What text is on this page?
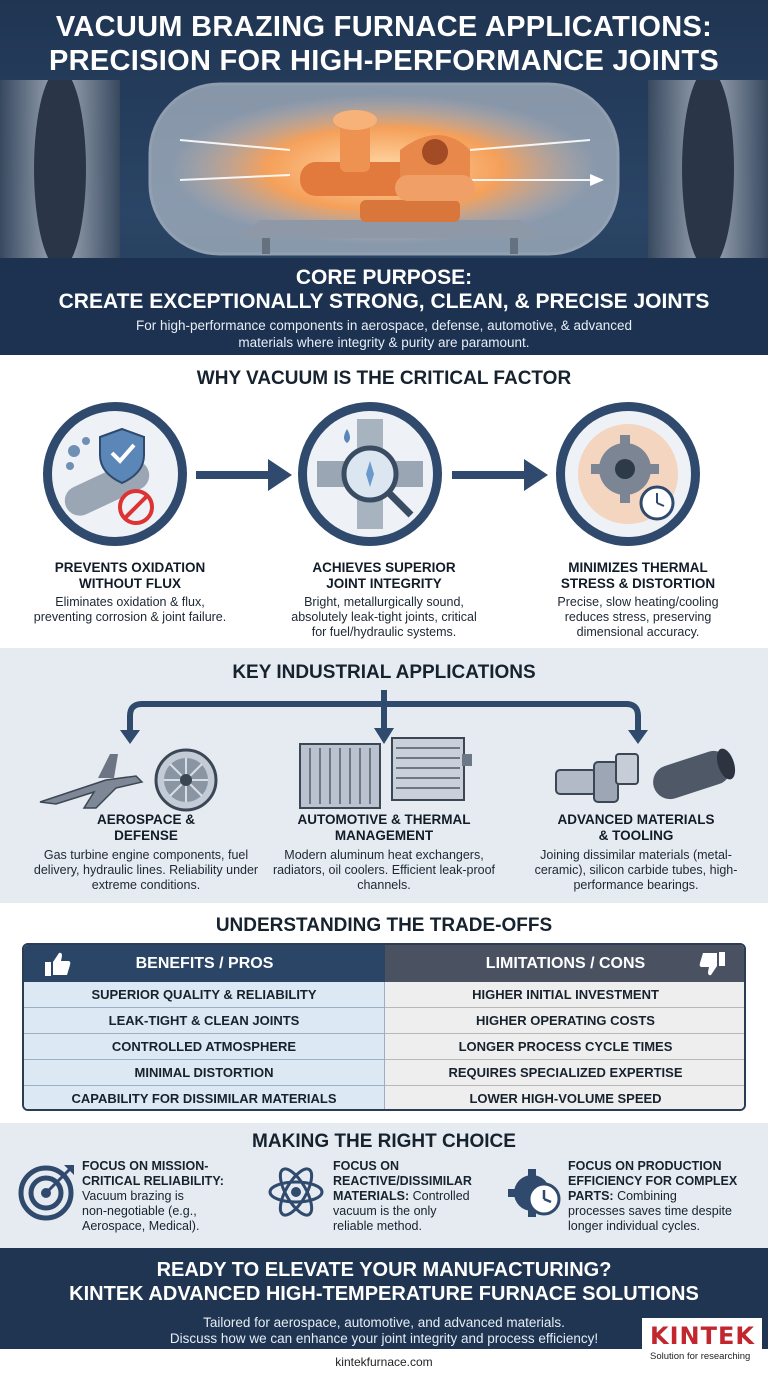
VACUUM BRAZING FURNACE APPLICATIONS:
PRECISION FOR HIGH-PERFORMANCE JOINTS
CORE PURPOSE:
CREATE EXCEPTIONALLY STRONG, CLEAN, & PRECISE JOINTS
For high-performance components in aerospace, defense, automotive, & advanced materials where integrity & purity are paramount.
WHY VACUUM IS THE CRITICAL FACTOR
PREVENTS OXIDATION
WITHOUT FLUX
Eliminates oxidation & flux, preventing corrosion & joint failure.
ACHIEVES SUPERIOR
JOINT INTEGRITY
Bright, metallurgically sound, absolutely leak-tight joints, critical for fuel/hydraulic systems.
MINIMIZES THERMAL
STRESS & DISTORTION
Precise, slow heating/cooling reduces stress, preserving dimensional accuracy.
KEY INDUSTRIAL APPLICATIONS
AEROSPACE &
DEFENSE
Gas turbine engine components, fuel delivery, hydraulic lines. Reliability under extreme conditions.
AUTOMOTIVE & THERMAL
MANAGEMENT
Modern aluminum heat exchangers, radiators, oil coolers. Efficient leak-proof channels.
ADVANCED MATERIALS
& TOOLING
Joining dissimilar materials (metal-ceramic), silicon carbide tubes, high-performance bearings.
UNDERSTANDING THE TRADE-OFFS
BENEFITS / PROS	LIMITATIONS / CONS
SUPERIOR QUALITY & RELIABILITY	HIGHER INITIAL INVESTMENT
LEAK-TIGHT & CLEAN JOINTS	HIGHER OPERATING COSTS
CONTROLLED ATMOSPHERE	LONGER PROCESS CYCLE TIMES
MINIMAL DISTORTION	REQUIRES SPECIALIZED EXPERTISE
CAPABILITY FOR DISSIMILAR MATERIALS	LOWER HIGH-VOLUME SPEED
MAKING THE RIGHT CHOICE
FOCUS ON MISSION-
CRITICAL RELIABILITY:
Vacuum brazing is
non-negotiable (e.g.,
Aerospace, Medical).
FOCUS ON
REACTIVE/DISSIMILAR
MATERIALS: Controlled
vacuum is the only
reliable method.
FOCUS ON PRODUCTION
EFFICIENCY FOR COMPLEX
PARTS: Combining
processes saves time despite
longer individual cycles.
READY TO ELEVATE YOUR MANUFACTURING?
KINTEK ADVANCED HIGH-TEMPERATURE FURNACE SOLUTIONS
Tailored for aerospace, automotive, and advanced materials.
Discuss how we can enhance your joint integrity and process efficiency!
kintekfurnace.com
KINTEK
Solution for researching
